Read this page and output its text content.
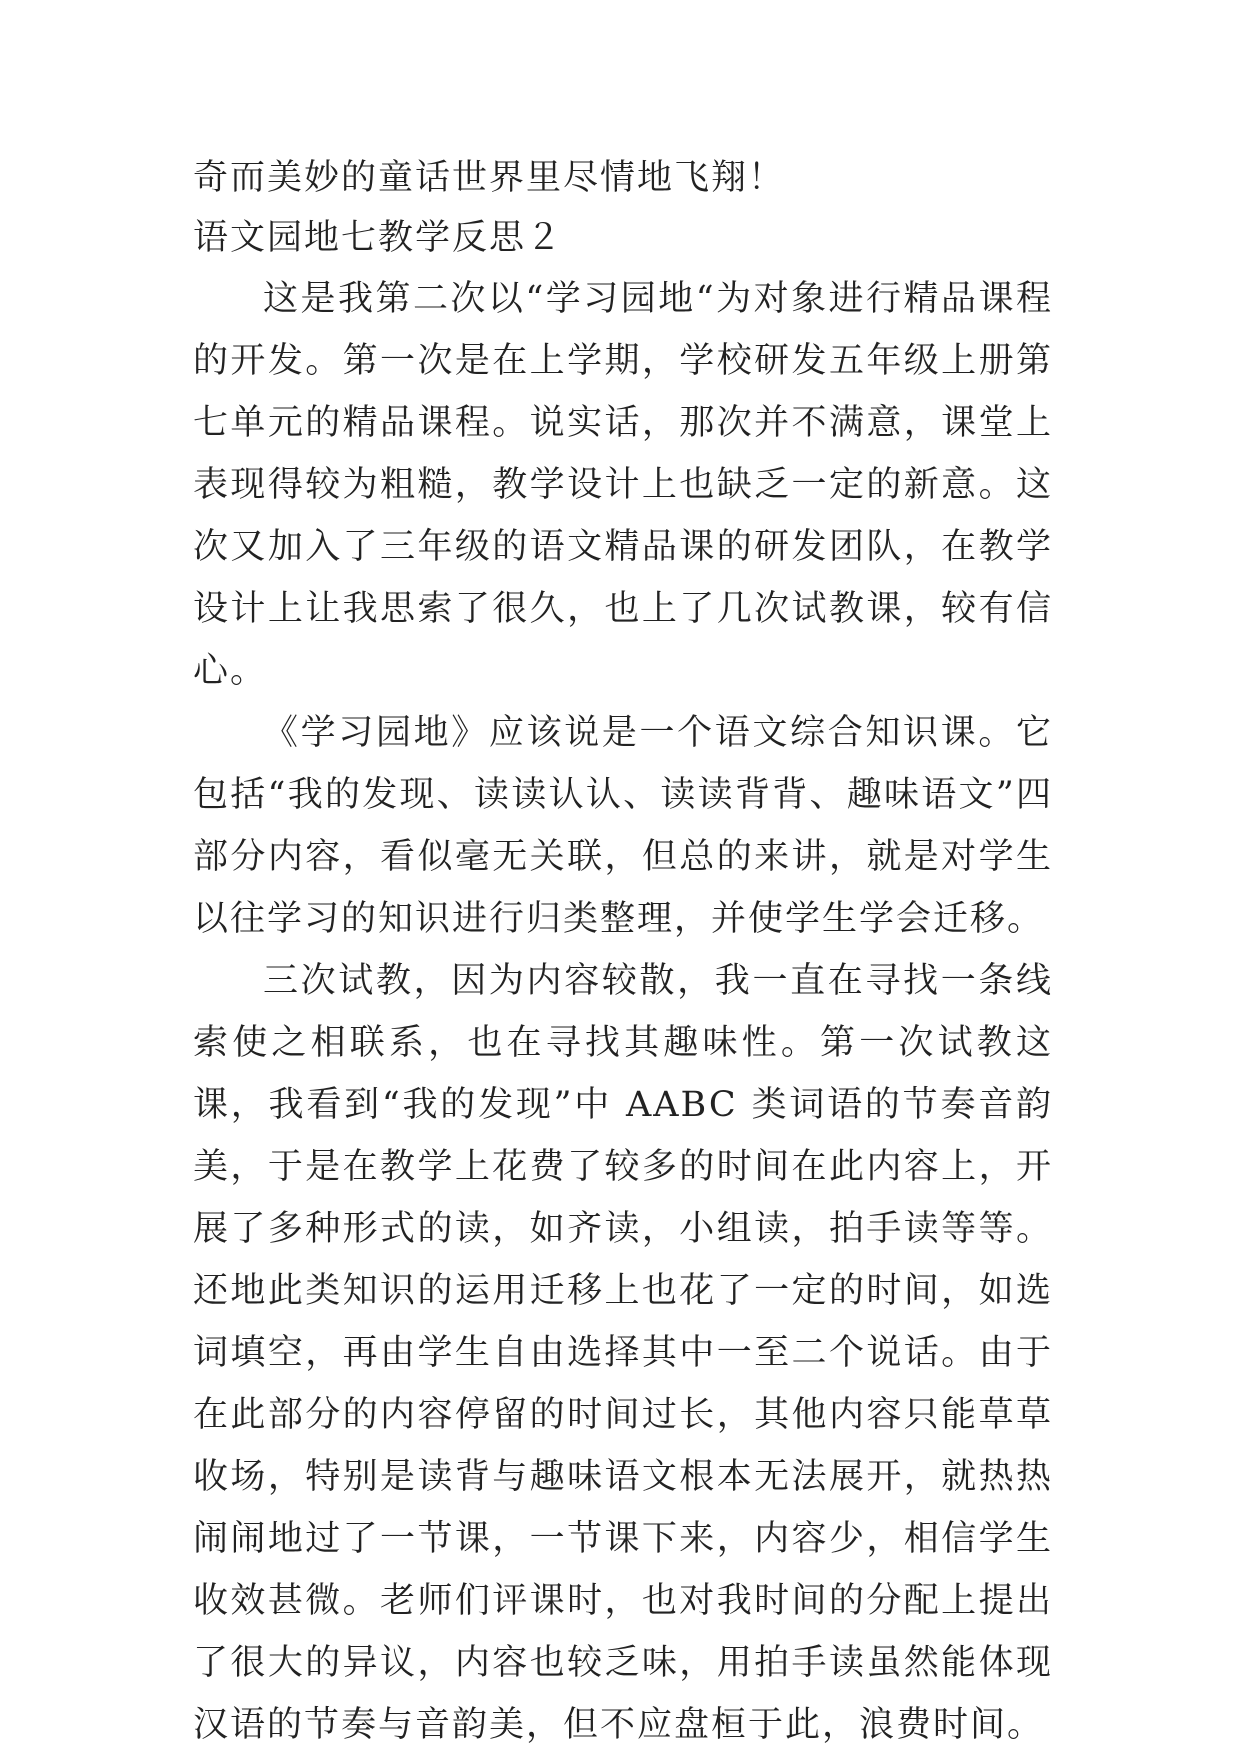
奇而美妙的童话世界里尽情地飞翔！
语文园地七教学反思２

这是我第二次以“学习园地“为对象进行精品课程的开发。第一次是在上学期，学校研发五年级上册第七单元的精品课程。说实话，那次并不满意，课堂上表现得较为粗糙，教学设计上也缺乏一定的新意。这次又加入了三年级的语文精品课的研发团队，在教学设计上让我思索了很久，也上了几次试教课，较有信心。

《学习园地》应该说是一个语文综合知识课。它包括“我的发现、读读认认、读读背背、趣味语文”四部分内容，看似毫无关联，但总的来讲，就是对学生以往学习的知识进行归类整理，并使学生学会迁移。

三次试教，因为内容较散，我一直在寻找一条线索使之相联系，也在寻找其趣味性。第一次试教这课，我看到“我的发现”中 AABC 类词语的节奏音韵美，于是在教学上花费了较多的时间在此内容上，开展了多种形式的读，如齐读，小组读，拍手读等等。还地此类知识的运用迁移上也花了一定的时间，如选词填空，再由学生自由选择其中一至二个说话。由于在此部分的内容停留的时间过长，其他内容只能草草收场，特别是读背与趣味语文根本无法展开，就热热闹闹地过了一节课，一节课下来，内容少，相信学生收效甚微。老师们评课时，也对我时间的分配上提出了很大的异议，内容也较乏味，用拍手读虽然能体现汉语的节奏与音韵美，但不应盘桓于此，浪费时间。
